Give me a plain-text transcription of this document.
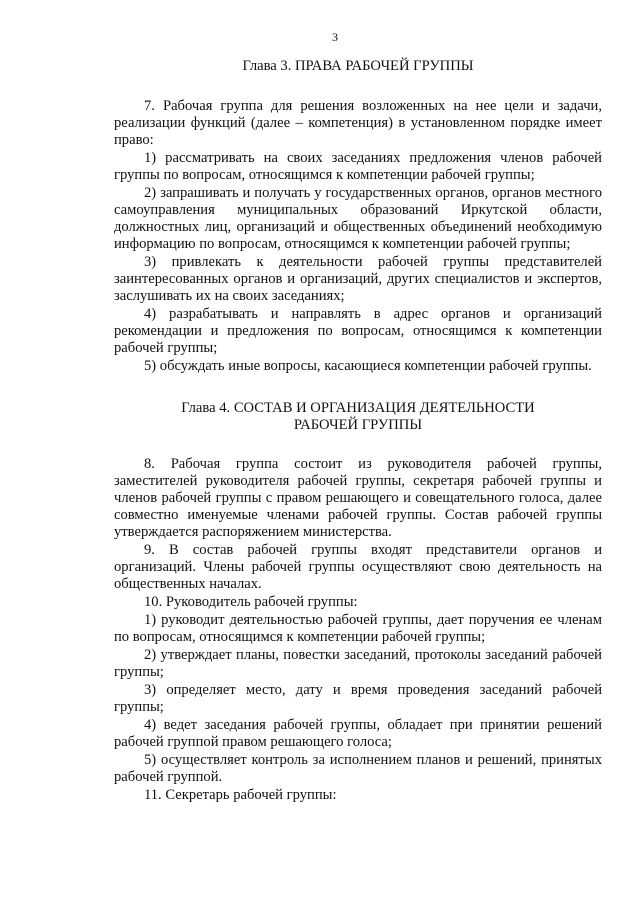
3

Глава 3. ПРАВА РАБОЧЕЙ ГРУППЫ

7. Рабочая группа для решения возложенных на нее цели и задачи, реализации функций (далее – компетенция) в установленном порядке имеет право:

1) рассматривать на своих заседаниях предложения членов рабочей группы по вопросам, относящимся к компетенции рабочей группы;

2) запрашивать и получать у государственных органов, органов местного самоуправления муниципальных образований Иркутской области, должностных лиц, организаций и общественных объединений необходимую информацию по вопросам, относящимся к компетенции рабочей группы;

3) привлекать к деятельности рабочей группы представителей заинтересованных органов и организаций, других специалистов и экспертов, заслушивать их на своих заседаниях;

4) разрабатывать и направлять в адрес органов и организаций рекомендации и предложения по вопросам, относящимся к компетенции рабочей группы;

5) обсуждать иные вопросы, касающиеся компетенции рабочей группы.

Глава 4. СОСТАВ И ОРГАНИЗАЦИЯ ДЕЯТЕЛЬНОСТИ
РАБОЧЕЙ ГРУППЫ

8. Рабочая группа состоит из руководителя рабочей группы, заместителей руководителя рабочей группы, секретаря рабочей группы и членов рабочей группы с правом решающего и совещательного голоса, далее совместно именуемые членами рабочей группы. Состав рабочей группы утверждается распоряжением министерства.

9. В состав рабочей группы входят представители органов и организаций. Члены рабочей группы осуществляют свою деятельность на общественных началах.

10. Руководитель рабочей группы:

1) руководит деятельностью рабочей группы, дает поручения ее членам по вопросам, относящимся к компетенции рабочей группы;

2) утверждает планы, повестки заседаний, протоколы заседаний рабочей группы;

3) определяет место, дату и время проведения заседаний рабочей группы;

4) ведет заседания рабочей группы, обладает при принятии решений рабочей группой правом решающего голоса;

5) осуществляет контроль за исполнением планов и решений, принятых рабочей группой.

11. Секретарь рабочей группы:
